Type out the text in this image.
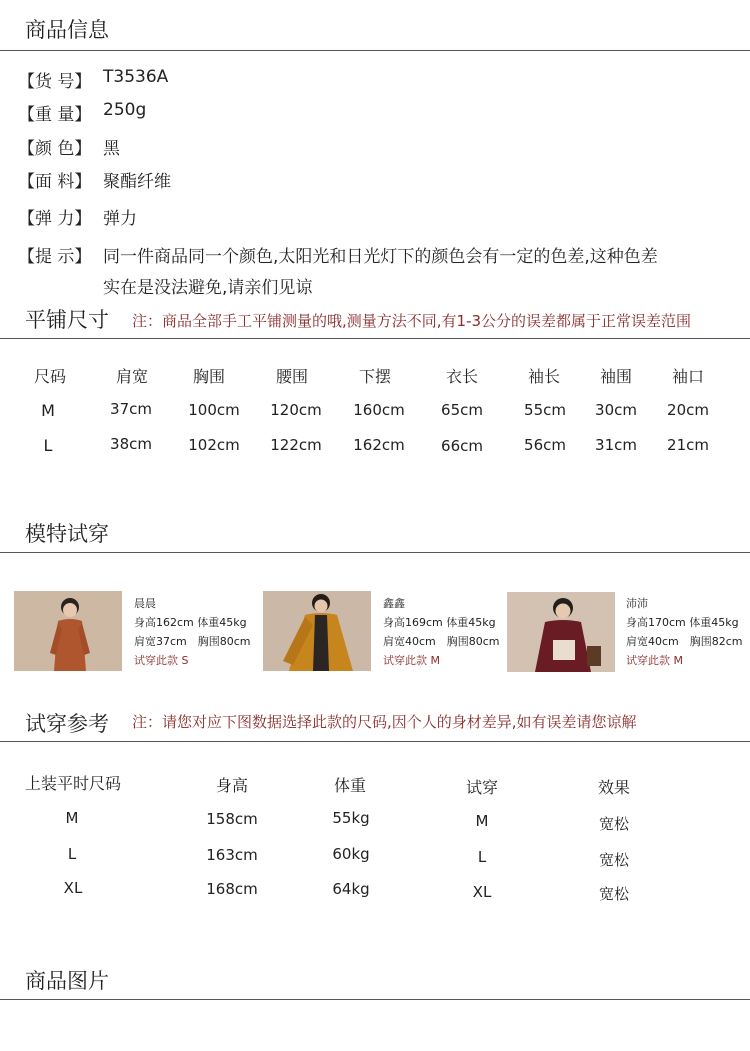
商品信息
【货 号】 T3536A
【重 量】 250g
【颜 色】 黑
【面 料】 聚酯纤维
【弹 力】 弹力
【提 示】 同一件商品同一个颜色,太阳光和日光灯下的颜色会有一定的色差,这种色差
实在是没法避免,请亲们见谅
平铺尺寸 注：商品全部手工平铺测量的哦,测量方法不同,有1-3公分的误差都属于正常误差范围
尺码	肩宽	胸围	腰围	下摆	衣长	袖长 袖围 袖口
M	37cm 100cm 120cm 160cm 65cm	55cm 30cm 20cm
L	38cm 102cm 122cm 162cm 66cm	56cm 31cm 21cm
模特试穿
晨晨
身高162cm 体重45kg
肩宽37cm　胸围80cm
试穿此款 S
鑫鑫
身高169cm 体重45kg
肩宽40cm　胸围80cm
试穿此款 M
沛沛
身高170cm 体重45kg
肩宽40cm　胸围82cm
试穿此款 M
试穿参考 注：请您对应下图数据选择此款的尺码,因个人的身材差异,如有误差请您谅解
上装平时尺码	身高	体重	试穿	效果
M	158cm	55kg	M	宽松
L	163cm	60kg	L	宽松
XL	168cm	64kg	XL	宽松
商品图片
